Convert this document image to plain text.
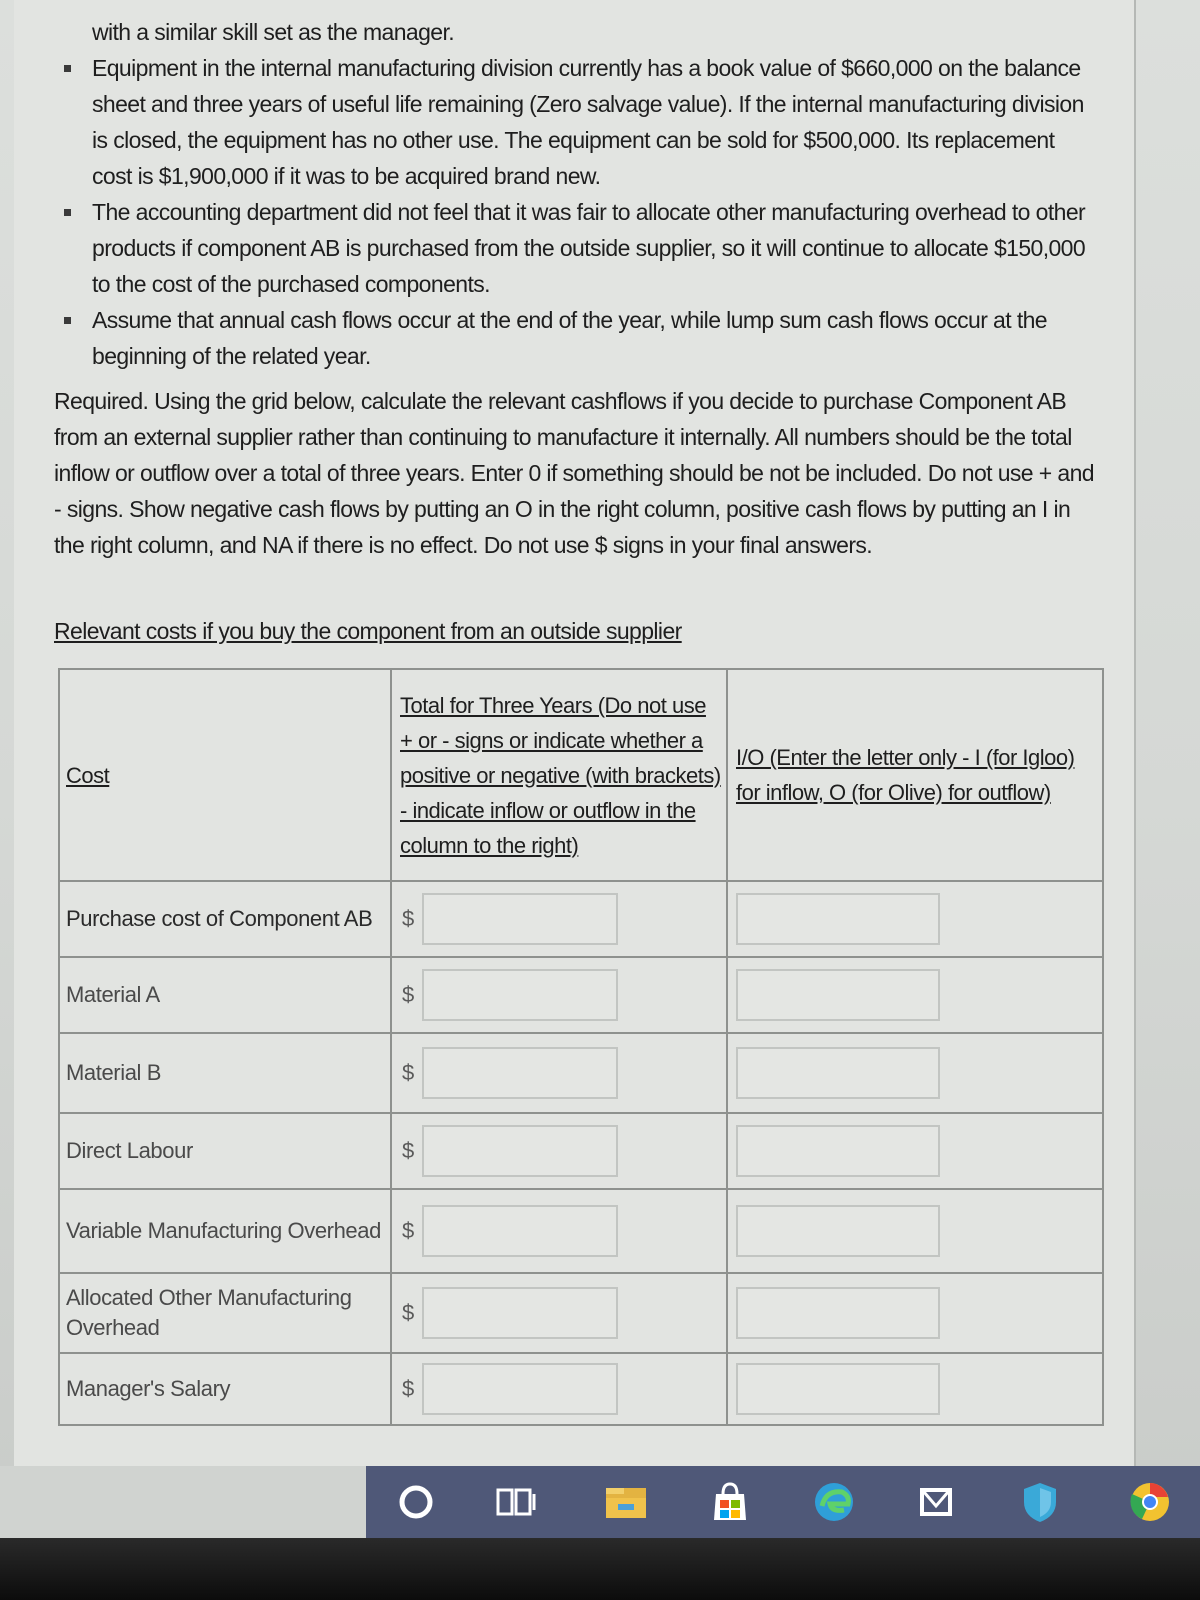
with a similar skill set as the manager.
Equipment in the internal manufacturing division currently has a book value of $660,000 on the balance sheet and three years of useful life remaining (Zero salvage value). If the internal manufacturing division is closed, the equipment has no other use. The equipment can be sold for $500,000. Its replacement cost is $1,900,000 if it was to be acquired brand new.
The accounting department did not feel that it was fair to allocate other manufacturing overhead to other products if component AB is purchased from the outside supplier, so it will continue to allocate $150,000 to the cost of the purchased components.
Assume that annual cash flows occur at the end of the year, while lump sum cash flows occur at the beginning of the related year.

Required. Using the grid below, calculate the relevant cashflows if you decide to purchase Component AB from an external supplier rather than continuing to manufacture it internally. All numbers should be the total inflow or outflow over a total of three years. Enter 0 if something should be not be included. Do not use + and - signs. Show negative cash flows by putting an O in the right column, positive cash flows by putting an I in the right column, and NA if there is no effect. Do not use $ signs in your final answers.

Relevant costs if you buy the component from an outside supplier

Cost	Total for Three Years (Do not use + or - signs or indicate whether a positive or negative (with brackets) - indicate inflow or outflow in the column to the right)	I/O (Enter the letter only - I (for Igloo) for inflow, O (for Olive) for outflow)
Purchase cost of Component AB	$

Material A	$

Material B	$

Direct Labour	$

Variable Manufacturing Overhead	$

Allocated Other Manufacturing Overhead	$

Manager's Salary	$
